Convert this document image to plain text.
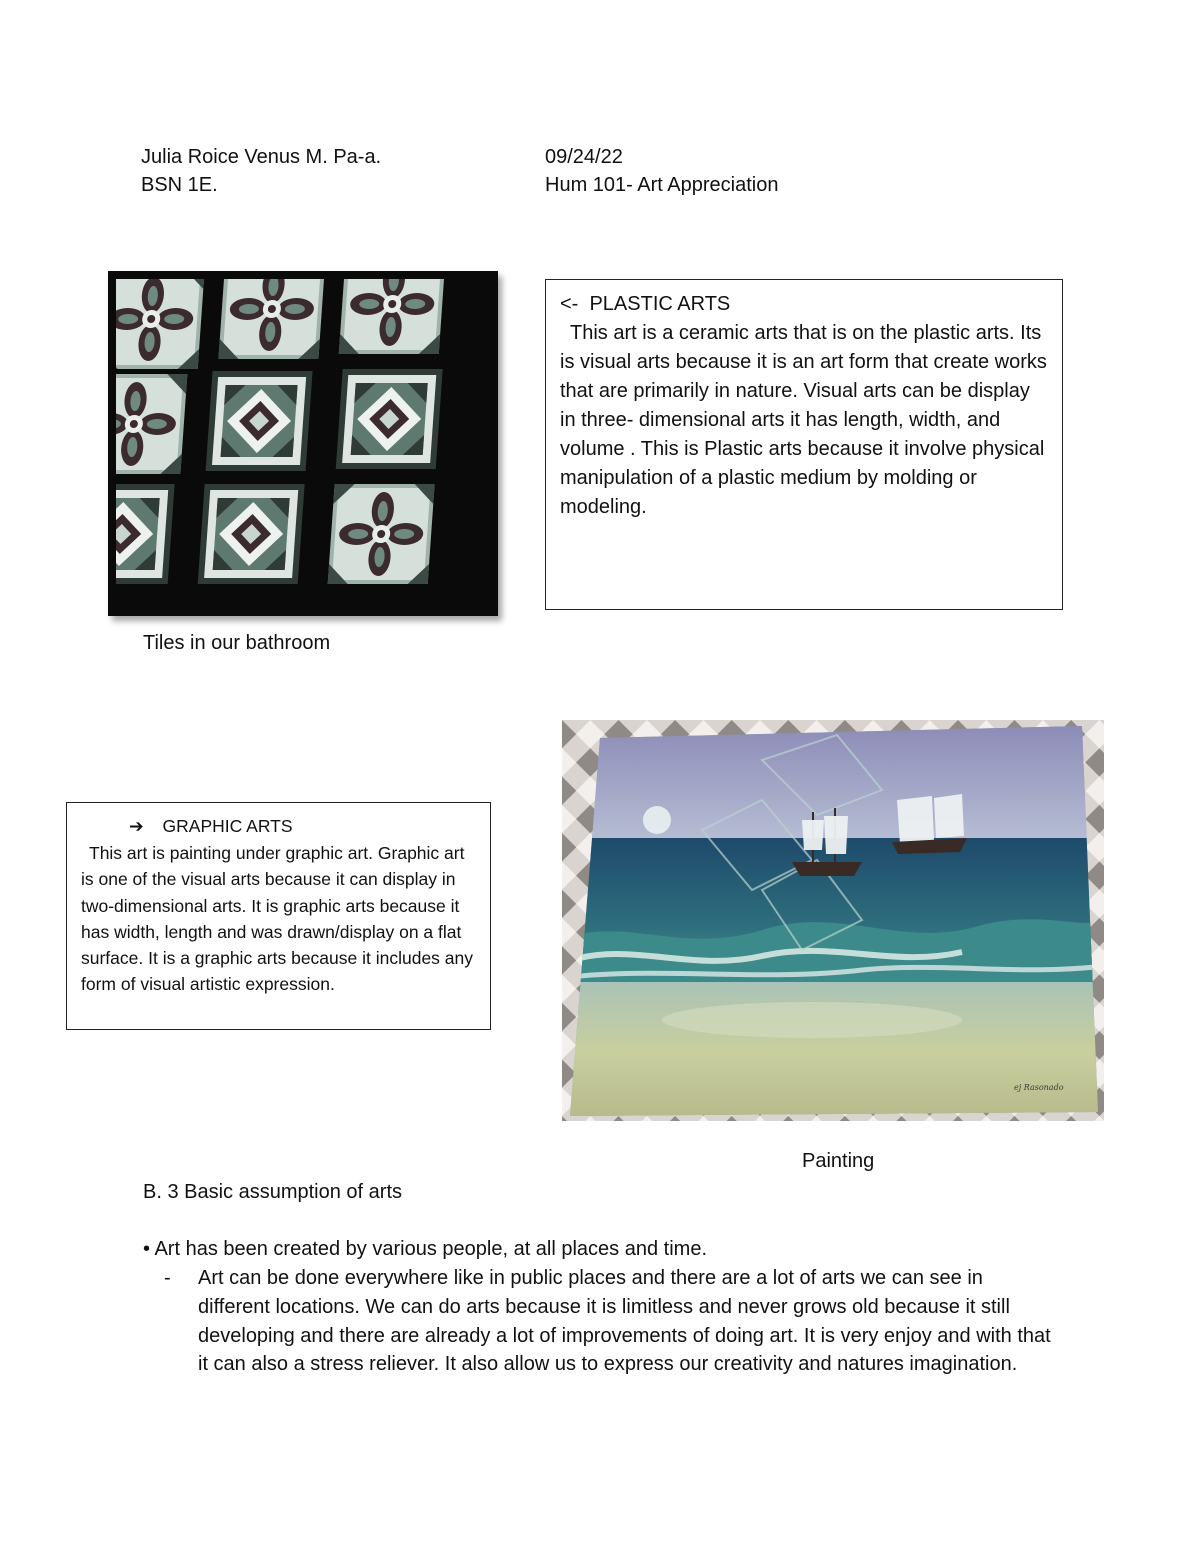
Julia Roice Venus M. Pa-a.
BSN 1E.
09/24/22
Hum 101- Art Appreciation

<-  PLASTIC ARTS

This art is a ceramic arts that is on the plastic arts. Its is visual arts because it is an art form that create works that are primarily in nature. Visual arts can be display in three- dimensional arts it has length, width, and volume . This is Plastic arts because it involve physical manipulation of a plastic medium by molding or modeling.

Tiles in our bathroom
ej Rasonado

➔ GRAPHIC ARTS

This art is painting under graphic art. Graphic art is one of the visual arts because it can display in two-dimensional arts. It is graphic arts because it has width, length and was drawn/display on a flat surface. It is a graphic arts because it includes any form of visual artistic expression.

Painting
B. 3 Basic assumption of arts
• Art has been created by various people, at all places and time.
- Art can be done everywhere like in public places and there are a lot of arts we can see in different locations. We can do arts because it is limitless and never grows old because it still developing and there are already a lot of improvements of doing art. It is very enjoy and with that it can also a stress reliever. It also allow us to express our creativity and natures imagination.
